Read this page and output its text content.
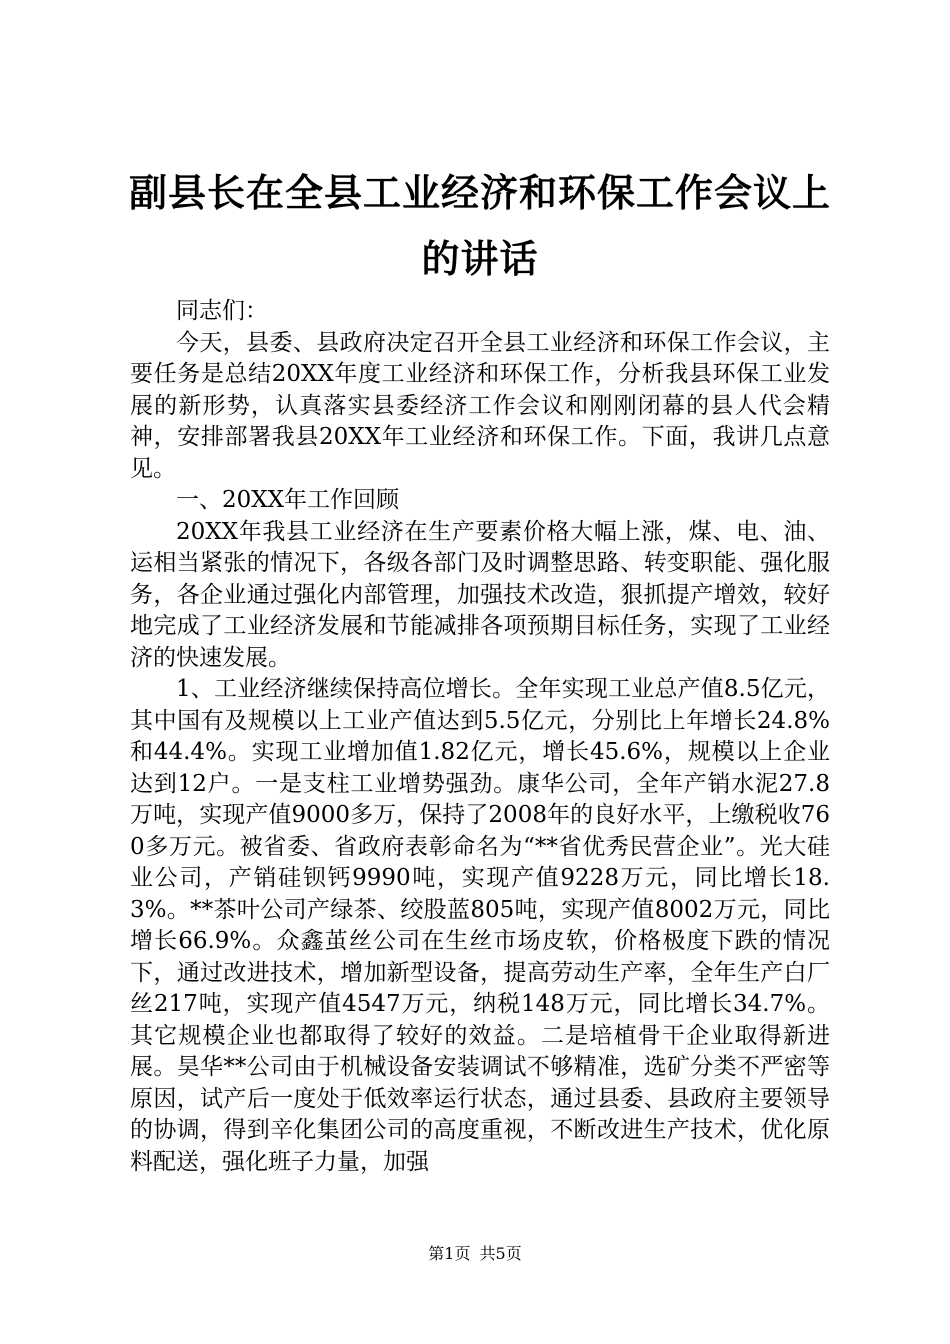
副县长在全县工业经济和环保工作会议上的讲话

同志们：

今天，县委、县政府决定召开全县工业经济和环保工作会议，主要任务是总结20XX年度工业经济和环保工作，分析我县环保工业发展的新形势，认真落实县委经济工作会议和刚刚闭幕的县人代会精神，安排部署我县20XX年工业经济和环保工作。下面，我讲几点意见。

一、20XX年工作回顾

20XX年我县工业经济在生产要素价格大幅上涨，煤、电、油、运相当紧张的情况下，各级各部门及时调整思路、转变职能、强化服务，各企业通过强化内部管理，加强技术改造，狠抓提产增效，较好地完成了工业经济发展和节能减排各项预期目标任务，实现了工业经济的快速发展。

1、工业经济继续保持高位增长。全年实现工业总产值8.5亿元，其中国有及规模以上工业产值达到5.5亿元，分别比上年增长24.8%和44.4%。实现工业增加值1.82亿元，增长45.6%，规模以上企业达到12户。一是支柱工业增势强劲。康华公司，全年产销水泥27.8万吨，实现产值9000多万，保持了2008年的良好水平，上缴税收760多万元。被省委、省政府表彰命名为“**省优秀民营企业”。光大硅业公司，产销硅钡钙9990吨，实现产值9228万元，同比增长18.3%。**茶叶公司产绿茶、绞股蓝805吨，实现产值8002万元，同比增长66.9%。众鑫茧丝公司在生丝市场皮软，价格极度下跌的情况下，通过改进技术，增加新型设备，提高劳动生产率，全年生产白厂丝217吨，实现产值4547万元，纳税148万元，同比增长34.7%。其它规模企业也都取得了较好的效益。二是培植骨干企业取得新进展。昊华**公司由于机械设备安装调试不够精准，选矿分类不严密等原因，试产后一度处于低效率运行状态，通过县委、县政府主要领导的协调，得到辛化集团公司的高度重视，不断改进生产技术，优化原料配送，强化班子力量，加强

第1页 共5页
